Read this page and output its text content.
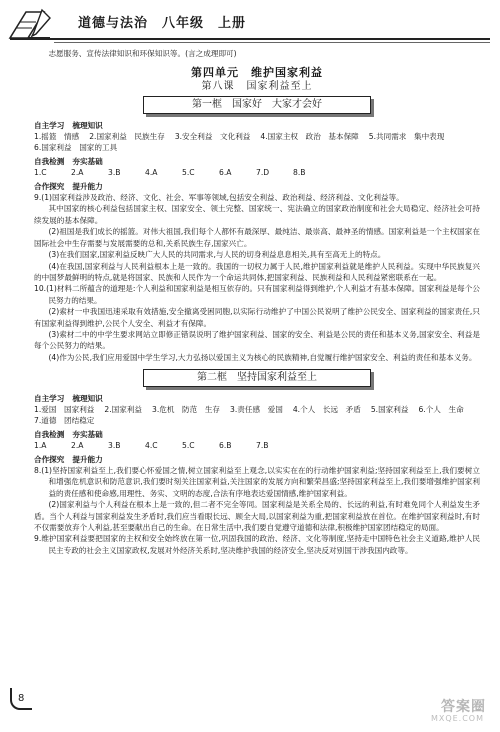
道德与法治　八年级　上册

志愿服务、宣传法律知识和环保知识等。(言之成理即可)

第四单元 维护国家利益
第八课 国家利益至上
第一框　国家好　大家才会好
自主学习 梳理知识
1.摇篮　情感 2.国家利益　民族生存 3.安全利益　文化利益 4.国家主权　政治　基本保障 5.共同需求　集中表现
6.国家利益　国家的工具
自我检测 夯实基础
1.C	2.A	3.B	4.A	5.C	6.A	7.D	8.B
合作探究 提升能力

9.(1)国家利益涉及政治、经济、文化、社会、军事等领域,包括安全利益、政治利益、经济利益、文化利益等。

其中国家的核心利益包括国家主权、国家安全、领土完整、国家统一、宪法确立的国家政治制度和社会大局稳定、经济社会可持续发展的基本保障。

(2)祖国是我们成长的摇篮。对伟大祖国,我们每个人都怀有最深厚、最纯洁、最崇高、最神圣的情感。国家利益是一个主权国家在国际社会中生存需要与发展需要的总和,关系民族生存,国家兴亡。

(3)在我们国家,国家利益反映广大人民的共同需求,与人民的切身利益息息相关,具有至高无上的特点。

(4)在我国,国家利益与人民利益根本上是一致的。我国的一切权力属于人民,维护国家利益就是维护人民利益。实现中华民族复兴的中国梦最鲜明的特点,就是将国家、民族和人民作为一个命运共同体,把国家利益、民族利益和人民利益紧密联系在一起。

10.(1)材料二所蕴含的道理是:个人利益和国家利益是相互依存的。只有国家利益得到维护,个人利益才有基本保障。国家利益是每个公民努力的结果。

(2)索材一中我国迅速采取有效措施,安全撤离受困同胞,以实际行动维护了中国公民说明了维护公民安全、国家利益的国家责任,只有国家利益得到维护,公民个人安全、利益才有保障。

(3)索材二中的中学生要求网站立即修正错误说明了维护国家利益、国家的安全、利益是公民的责任和基本义务,国家安全、利益是每个公民努力的结果。

(4)作为公民,我们应用爱国中学生学习,大力弘扬以爱国主义为核心的民族精神,自觉履行维护国家安全、利益的责任和基本义务。

第二框　坚持国家利益至上
自主学习 梳理知识
1.爱国　国家利益 2.国家利益 3.危机　防范　生存 3.责任感　爱国 4.个人　长远　矛盾 5.国家利益 6.个人　生命
7.道德　团结稳定
自我检测 夯实基础
1.A	2.A	3.B	4.C	5.C	6.B	7.B
合作探究 提升能力

8.(1)坚持国家利益至上,我们要心怀爱国之情,树立国家利益至上观念,以实实在在的行动维护国家利益;坚持国家利益至上,我们要树立和增强危机意识和防范意识,我们要时刻关注国家利益,关注国家的发展方向和繁荣昌盛;坚持国家利益至上,我们要增强维护国家利益的责任感和使命感,用理性、务实、文明的态度,合法有序地表达爱国情感,维护国家利益。

(2)国家利益与个人利益在根本上是一致的,但二者不完全等同。国家利益是关系全局的、长远的利益,有时难免同个人利益发生矛盾。当个人利益与国家利益发生矛盾时,我们应当看眼长远、顾全大局,以国家利益为重,把国家利益放在首位。在维护国家利益时,有时不仅需要放弃个人利益,甚至要献出自己的生命。在日常生活中,我们要自觉遵守道德和法律,积极维护国家团结稳定的局面。

9.维护国家利益要把国家的主权和安全始终放在第一位,巩固我国的政治、经济、文化等制度,坚持走中国特色社会主义道路,维护人民民主专政的社会主义国家政权,发展对外经济关系时,坚决维护我国的经济安全,坚决反对别国干涉我国内政等。

8
答案圈
MXQE.COM
